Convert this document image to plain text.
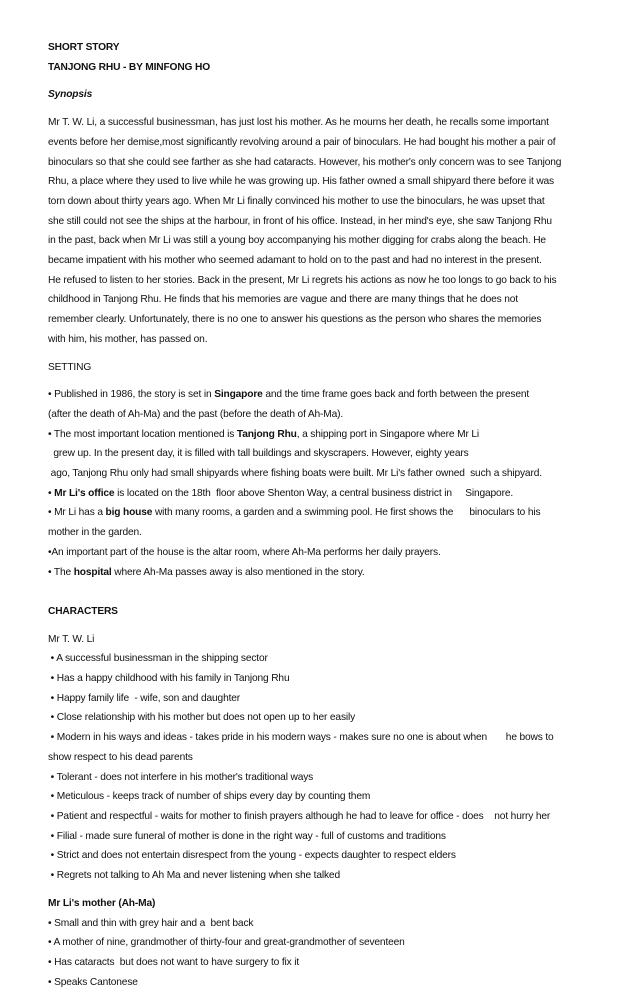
SHORT STORY
TANJONG RHU - BY MINFONG HO
Synopsis
Mr T. W. Li, a successful businessman, has just lost his mother. As he mourns her death, he recalls some important
events before her demise,most significantly revolving around a pair of binoculars. He had bought his mother a pair of
binoculars so that she could see farther as she had cataracts. However, his mother's only concern was to see Tanjong
Rhu, a place where they used to live while he was growing up. His father owned a small shipyard there before it was
torn down about thirty years ago. When Mr Li finally convinced his mother to use the binoculars, he was upset that
she still could not see the ships at the harbour, in front of his office. Instead, in her mind's eye, she saw Tanjong Rhu
in the past, back when Mr Li was still a young boy accompanying his mother digging for crabs along the beach. He
became impatient with his mother who seemed adamant to hold on to the past and had no interest in the present.
He refused to listen to her stories. Back in the present, Mr Li regrets his actions as now he too longs to go back to his
childhood in Tanjong Rhu. He finds that his memories are vague and there are many things that he does not
remember clearly. Unfortunately, there is no one to answer his questions as the person who shares the memories
with him, his mother, has passed on.
SETTING
• Published in 1986, the story is set in Singapore and the time frame goes back and forth between the present
(after the death of Ah-Ma) and the past (before the death of Ah-Ma).
• The most important location mentioned is Tanjong Rhu, a shipping port in Singapore where Mr Li
grew up. In the present day, it is filled with tall buildings and skyscrapers. However, eighty years
ago, Tanjong Rhu only had small shipyards where fishing boats were built. Mr Li's father owned  such a shipyard.
• Mr Li's office is located on the 18th  floor above Shenton Way, a central business district in     Singapore.
• Mr Li has a big house with many rooms, a garden and a swimming pool. He first shows the      binoculars to his
mother in the garden.
•An important part of the house is the altar room, where Ah-Ma performs her daily prayers.
• The hospital where Ah-Ma passes away is also mentioned in the story.
CHARACTERS
Mr T. W. Li
• A successful businessman in the shipping sector
• Has a happy childhood with his family in Tanjong Rhu
• Happy family life  - wife, son and daughter
• Close relationship with his mother but does not open up to her easily
• Modern in his ways and ideas - takes pride in his modern ways - makes sure no one is about when       he bows to
show respect to his dead parents
• Tolerant - does not interfere in his mother's traditional ways
• Meticulous - keeps track of number of ships every day by counting them
• Patient and respectful - waits for mother to finish prayers although he had to leave for office - does    not hurry her
• Filial - made sure funeral of mother is done in the right way - full of customs and traditions
• Strict and does not entertain disrespect from the young - expects daughter to respect elders
• Regrets not talking to Ah Ma and never listening when she talked
Mr Li's mother (Ah-Ma)
• Small and thin with grey hair and a  bent back
• A mother of nine, grandmother of thirty-four and great-grandmother of seventeen
• Has cataracts  but does not want to have surgery to fix it
• Speaks Cantonese
